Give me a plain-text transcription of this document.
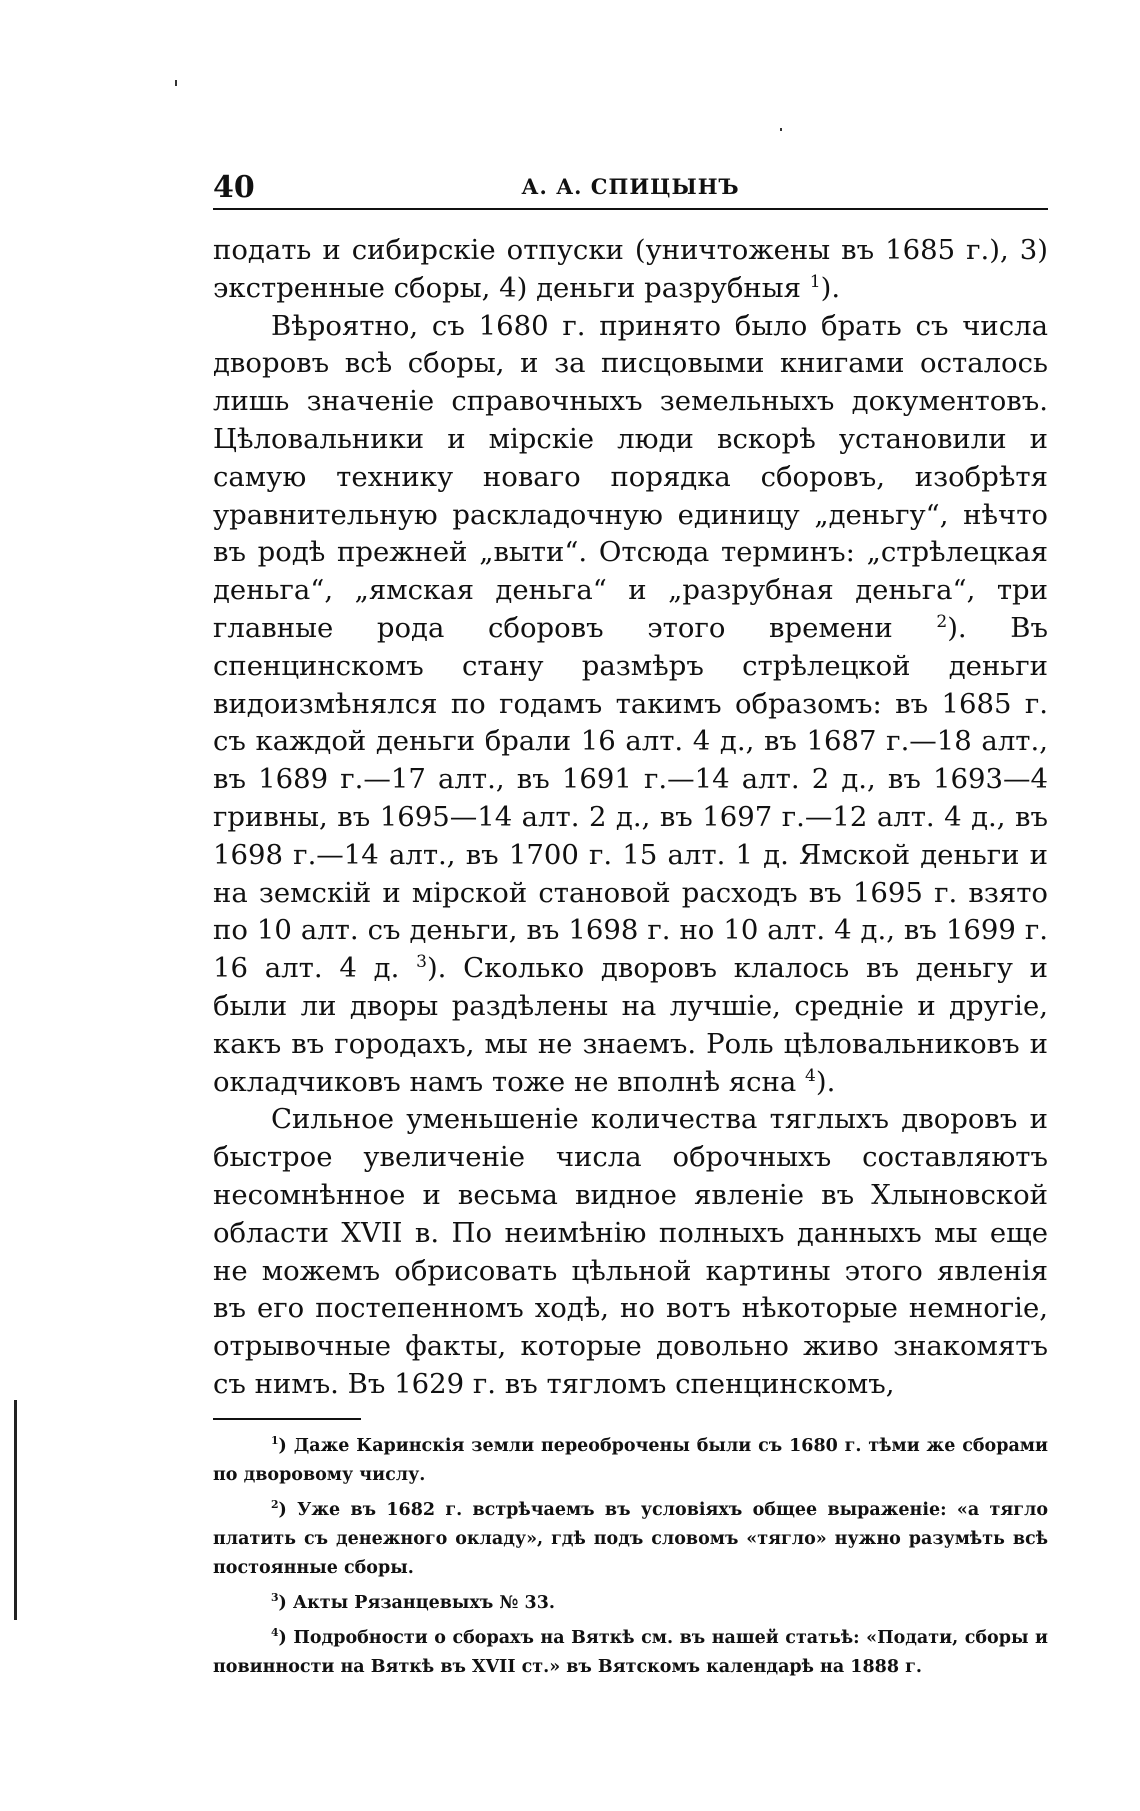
40	А. А. СПИЦЫНЪ

подать и сибирскіе отпуски (уничтожены въ 1685 г.), 3) экстренные сборы, 4) деньги разрубныя $^1$).

Вѣроятно, съ 1680 г. принято было брать съ числа дворовъ всѣ сборы, и за писцовыми книгами осталось лишь значеніе справочныхъ земельныхъ документовъ. Цѣловальники и мірскіе люди вскорѣ установили и самую технику новаго порядка сборовъ, изобрѣтя уравнительную раскладочную единицу „деньгу“, нѣчто въ родѣ прежней „выти“. Отсюда терминъ: „стрѣлецкая деньга“, „ямская деньга“ и „разрубная деньга“, три главные рода сборовъ этого времени	$^2$). Въ спенцинскомъ стану размѣръ стрѣлецкой деньги видоизмѣнялся по годамъ такимъ образомъ: въ 1685 г. съ каждой деньги брали 16 алт. 4 д., въ 1687 г.—18 алт., въ 1689 г.—17 алт., въ 1691 г.—14 алт. 2 д., въ 1693—4 гривны, въ 1695—14 алт. 2 д., въ 1697 г.—12 алт. 4 д., въ 1698 г.—14 алт., въ 1700 г. 15 алт. 1 д. Ямской деньги и на земскій и мірской становой расходъ въ 1695 г. взято по 10 алт. съ деньги, въ 1698 г. но 10 алт. 4 д., въ 1699 г. 16 алт. 4 д. $^3$). Сколько дворовъ клалось въ деньгу и были ли дворы раздѣлены на лучшіе, средніе и другіе, какъ въ городахъ, мы не знаемъ. Роль цѣловальниковъ и окладчиковъ намъ тоже не вполнѣ ясна $^4$).

Сильное уменьшеніе количества тяглыхъ дворовъ и быстрое увеличеніе числа оброчныхъ составляютъ несомнѣнное и весьма видное явленіе въ Хлыновской области XVII в. По неимѣнію полныхъ данныхъ мы еще не можемъ обрисовать цѣльной картины этого явленія въ его постепенномъ ходѣ, но вотъ нѣкоторые немногіе, отрывочные факты, которые довольно живо знакомятъ съ нимъ. Въ 1629 г. въ тягломъ спенцинскомъ,

$^1$) Даже Каринскія земли переоброчены были съ 1680 г. тѣми же сборами по дворовому числу.

$^2$) Уже въ 1682 г. встрѣчаемъ въ условіяхъ общее выраженіе: «а тягло платить съ денежного окладу», гдѣ подъ словомъ «тягло» нужно разумѣть всѣ постоянные сборы.

$^3$) Акты Рязанцевыхъ № 33.

$^4$) Подробности о сборахъ на Вяткѣ см. въ нашей статьѣ: «Подати, сборы и повинности на Вяткѣ въ XVII ст.» въ Вятскомъ календарѣ на 1888 г.
